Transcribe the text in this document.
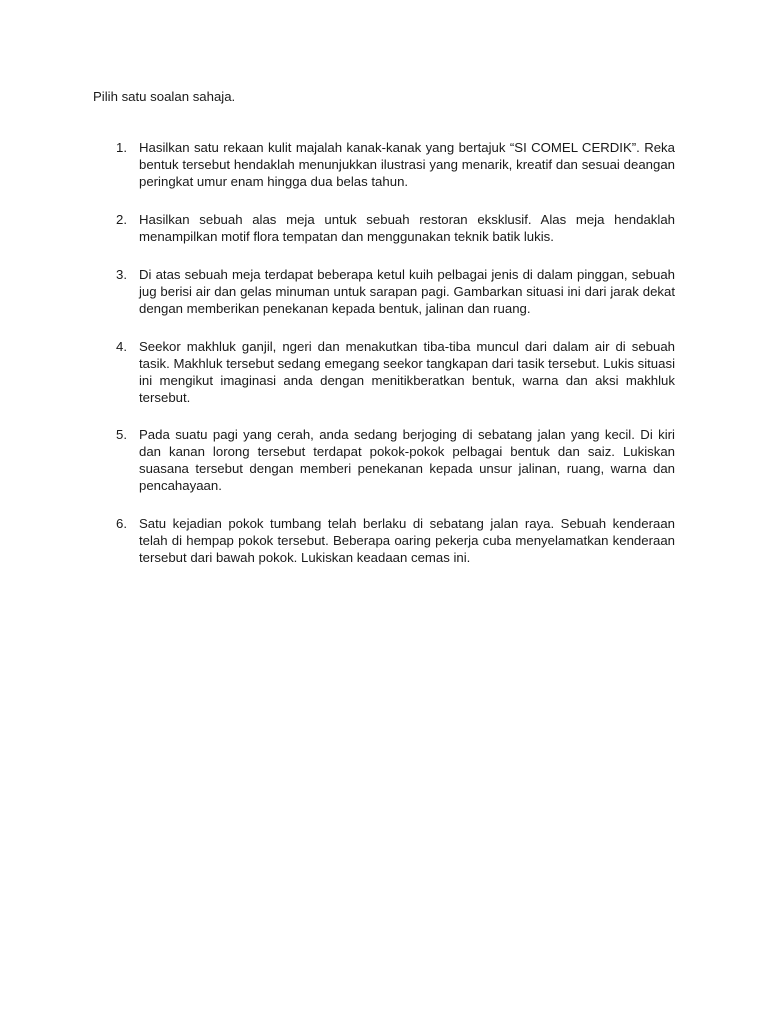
Pilih satu soalan sahaja.

1. Hasilkan satu rekaan kulit majalah kanak-kanak yang bertajuk “SI COMEL CERDIK”. Reka bentuk tersebut hendaklah menunjukkan ilustrasi yang menarik, kreatif dan sesuai deangan peringkat umur enam hingga dua belas tahun.
2. Hasilkan sebuah alas meja untuk sebuah restoran eksklusif. Alas meja hendaklah menampilkan motif flora tempatan dan menggunakan teknik batik lukis.
3. Di atas sebuah meja terdapat beberapa ketul kuih pelbagai jenis di dalam pinggan, sebuah jug berisi air dan gelas minuman untuk sarapan pagi. Gambarkan situasi ini dari jarak dekat dengan memberikan penekanan kepada bentuk, jalinan dan ruang.
4. Seekor makhluk ganjil, ngeri dan menakutkan tiba-tiba muncul dari dalam air di sebuah tasik. Makhluk tersebut sedang emegang seekor tangkapan dari tasik tersebut. Lukis situasi ini mengikut imaginasi anda dengan menitikberatkan bentuk, warna dan aksi makhluk tersebut.
5. Pada suatu pagi yang cerah, anda sedang berjoging di sebatang jalan yang kecil. Di kiri dan kanan lorong tersebut terdapat pokok-pokok pelbagai bentuk dan saiz. Lukiskan suasana tersebut dengan memberi penekanan kepada unsur jalinan, ruang, warna dan pencahayaan.
6. Satu kejadian pokok tumbang telah berlaku di sebatang jalan raya. Sebuah kenderaan telah di hempap pokok tersebut. Beberapa oaring pekerja cuba menyelamatkan kenderaan tersebut dari bawah pokok. Lukiskan keadaan cemas ini.
